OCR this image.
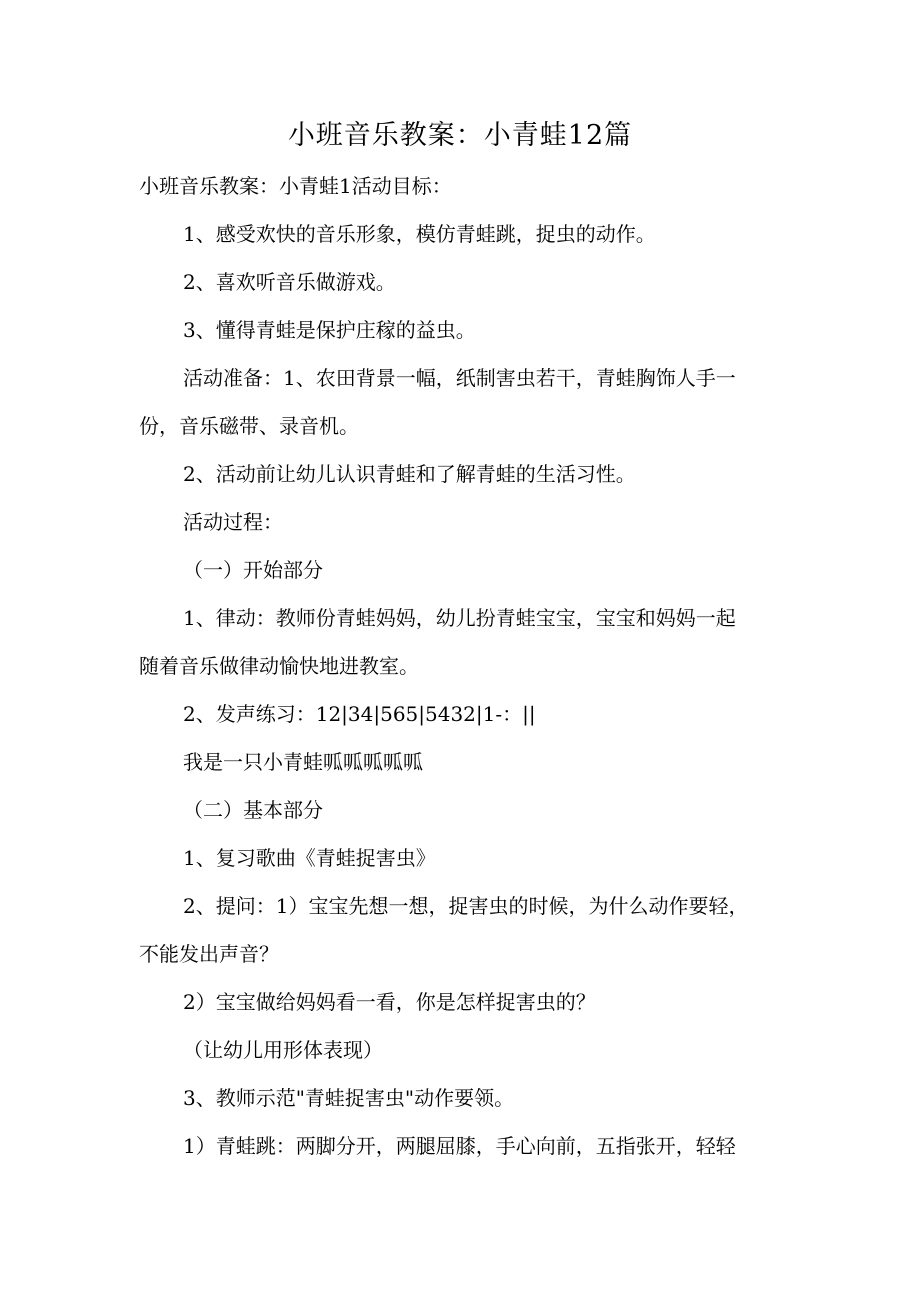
小班音乐教案：小青蛙12篇
小班音乐教案：小青蛙1活动目标：
1、感受欢快的音乐形象，模仿青蛙跳，捉虫的动作。
2、喜欢听音乐做游戏。
3、懂得青蛙是保护庄稼的益虫。
活动准备：1、农田背景一幅，纸制害虫若干，青蛙胸饰人手一
份，音乐磁带、录音机。
2、活动前让幼儿认识青蛙和了解青蛙的生活习性。
活动过程：
（一）开始部分
1、律动：教师份青蛙妈妈，幼儿扮青蛙宝宝，宝宝和妈妈一起
随着音乐做律动愉快地进教室。
2、发声练习：12|34|565|5432|1-：||
我是一只小青蛙呱呱呱呱呱
（二）基本部分
1、复习歌曲《青蛙捉害虫》
2、提问：1）宝宝先想一想，捉害虫的时候，为什么动作要轻，
不能发出声音？
2）宝宝做给妈妈看一看，你是怎样捉害虫的？
（让幼儿用形体表现）
3、教师示范"青蛙捉害虫"动作要领。
1）青蛙跳：两脚分开，两腿屈膝，手心向前，五指张开，轻轻
